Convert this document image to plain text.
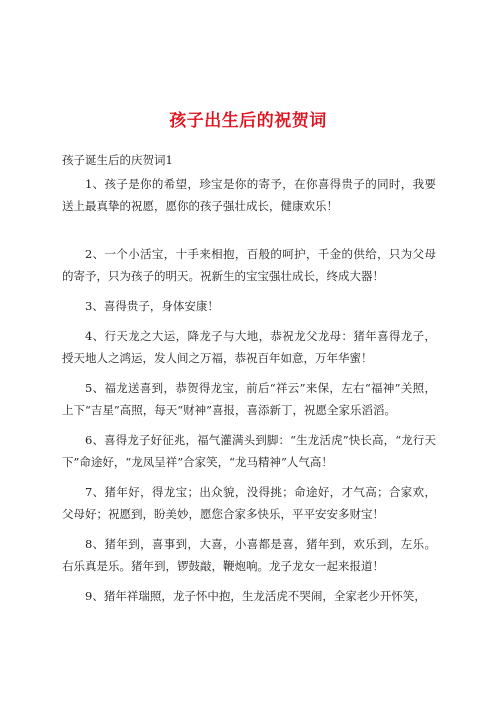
孩子出生后的祝贺词
孩子诞生后的庆贺词1

1、孩子是你的希望，珍宝是你的寄予，在你喜得贵子的同时，我要送上最真挚的祝愿，愿你的孩子强壮成长，健康欢乐！

2、一个小活宝，十手来相抱，百般的呵护，千金的供给，只为父母的寄予，只为孩子的明天。祝新生的宝宝强壮成长，终成大器！

3、喜得贵子，身体安康！

4、行天龙之大运，降龙子与大地，恭祝龙父龙母：猪年喜得龙子，授天地人之鸿运，发人间之万福，恭祝百年如意，万年华蜜！

5、福龙送喜到，恭贺得龙宝，前后“祥云”来保，左右“福神”关照，上下“吉星”高照，每天“财神”喜报，喜添新丁，祝愿全家乐滔滔。

6、喜得龙子好征兆，福气灌满头到脚：“生龙活虎”快长高，“龙行天下”命途好，“龙凤呈祥”合家笑，“龙马精神”人气高！

7、猪年好，得龙宝；出众貌，没得挑；命途好，才气高；合家欢，父母好；祝愿到，盼美妙，愿您合家多快乐，平平安安多财宝！

8、猪年到，喜事到，大喜，小喜都是喜，猪年到，欢乐到，左乐。右乐真是乐。猪年到，锣鼓敲，鞭炮响。龙子龙女一起来报道！

9、猪年祥瑞照，龙子怀中抱，生龙活虎不哭闹，全家老少开怀笑，
